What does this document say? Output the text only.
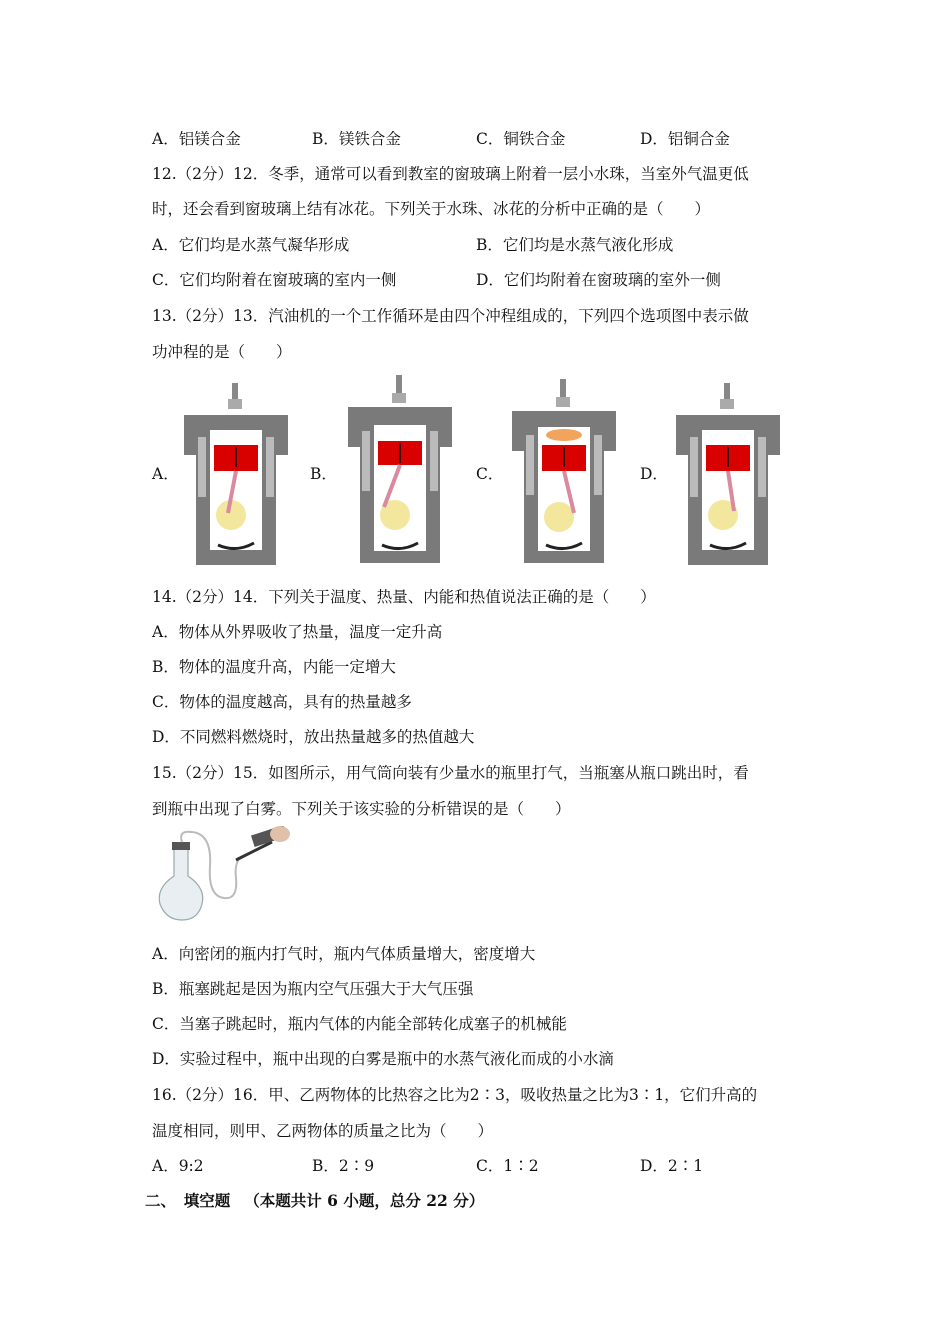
A．铝镁合金	B．镁铁合金	C．铜铁合金	D．铝铜合金
12.（2分）12．冬季，通常可以看到教室的窗玻璃上附着一层小水珠，当室外气温更低
时，还会看到窗玻璃上结有冰花。下列关于水珠、冰花的分析中正确的是（　　）
A．它们均是水蒸气凝华形成	B．它们均是水蒸气液化形成
C．它们均附着在窗玻璃的室内一侧	D．它们均附着在窗玻璃的室外一侧
13.（2分）13．汽油机的一个工作循环是由四个冲程组成的，下列四个选项图中表示做
功冲程的是（　　）
A．	B．	C．	D．
14.（2分）14．下列关于温度、热量、内能和热值说法正确的是（　　）
A．物体从外界吸收了热量，温度一定升高
B．物体的温度升高，内能一定增大
C．物体的温度越高，具有的热量越多
D．不同燃料燃烧时，放出热量越多的热值越大
15.（2分）15．如图所示，用气筒向装有少量水的瓶里打气，当瓶塞从瓶口跳出时，看
到瓶中出现了白雾。下列关于该实验的分析错误的是（　　）
A．向密闭的瓶内打气时，瓶内气体质量增大，密度增大
B．瓶塞跳起是因为瓶内空气压强大于大气压强
C．当塞子跳起时，瓶内气体的内能全部转化成塞子的机械能
D．实验过程中，瓶中出现的白雾是瓶中的水蒸气液化而成的小水滴
16.（2分）16．甲、乙两物体的比热容之比为2∶3，吸收热量之比为3∶1，它们升高的
温度相同，则甲、乙两物体的质量之比为（　　）
A．9:2	B．2∶9	C．1∶2	D．2∶1
二、　填空题 （本题共计 6 小题，总分 22 分）
